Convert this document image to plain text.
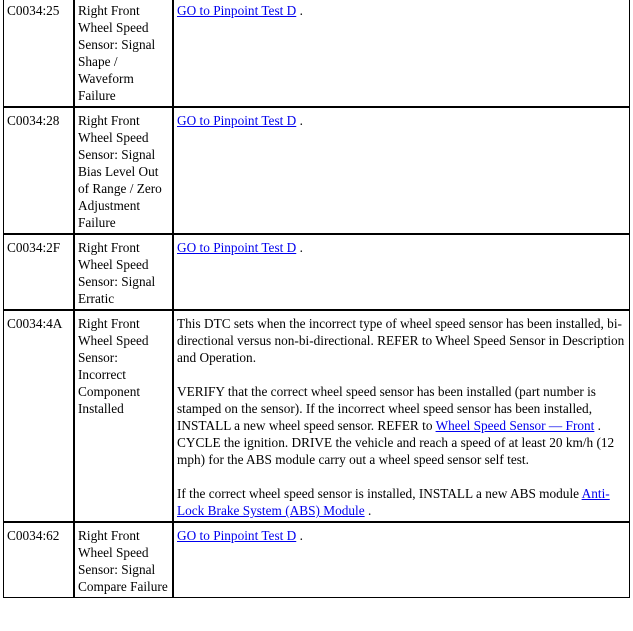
C0034:25	Right Front Wheel Speed Sensor: Signal Shape / Waveform Failure	GO to Pinpoint Test D .
C0034:28	Right Front Wheel Speed Sensor: Signal Bias Level Out of Range / Zero Adjustment Failure	GO to Pinpoint Test D .
C0034:2F	Right Front Wheel Speed Sensor: Signal Erratic	GO to Pinpoint Test D .
C0034:4A	Right Front Wheel Speed Sensor: Incorrect Component Installed	This DTC sets when the incorrect type of wheel speed sensor has been installed, bi-directional versus non-bi-directional. REFER to Wheel Speed Sensor in Description and Operation.

VERIFY that the correct wheel speed sensor has been installed (part number is stamped on the sensor). If the incorrect wheel speed sensor has been installed, INSTALL a new wheel speed sensor. REFER to Wheel Speed Sensor — Front . CYCLE the ignition. DRIVE the vehicle and reach a speed of at least 20 km/h (12 mph) for the ABS module carry out a wheel speed sensor self test.

If the correct wheel speed sensor is installed, INSTALL a new ABS module Anti-Lock Brake System (ABS) Module .

C0034:62	Right Front Wheel Speed Sensor: Signal Compare Failure	GO to Pinpoint Test D .
